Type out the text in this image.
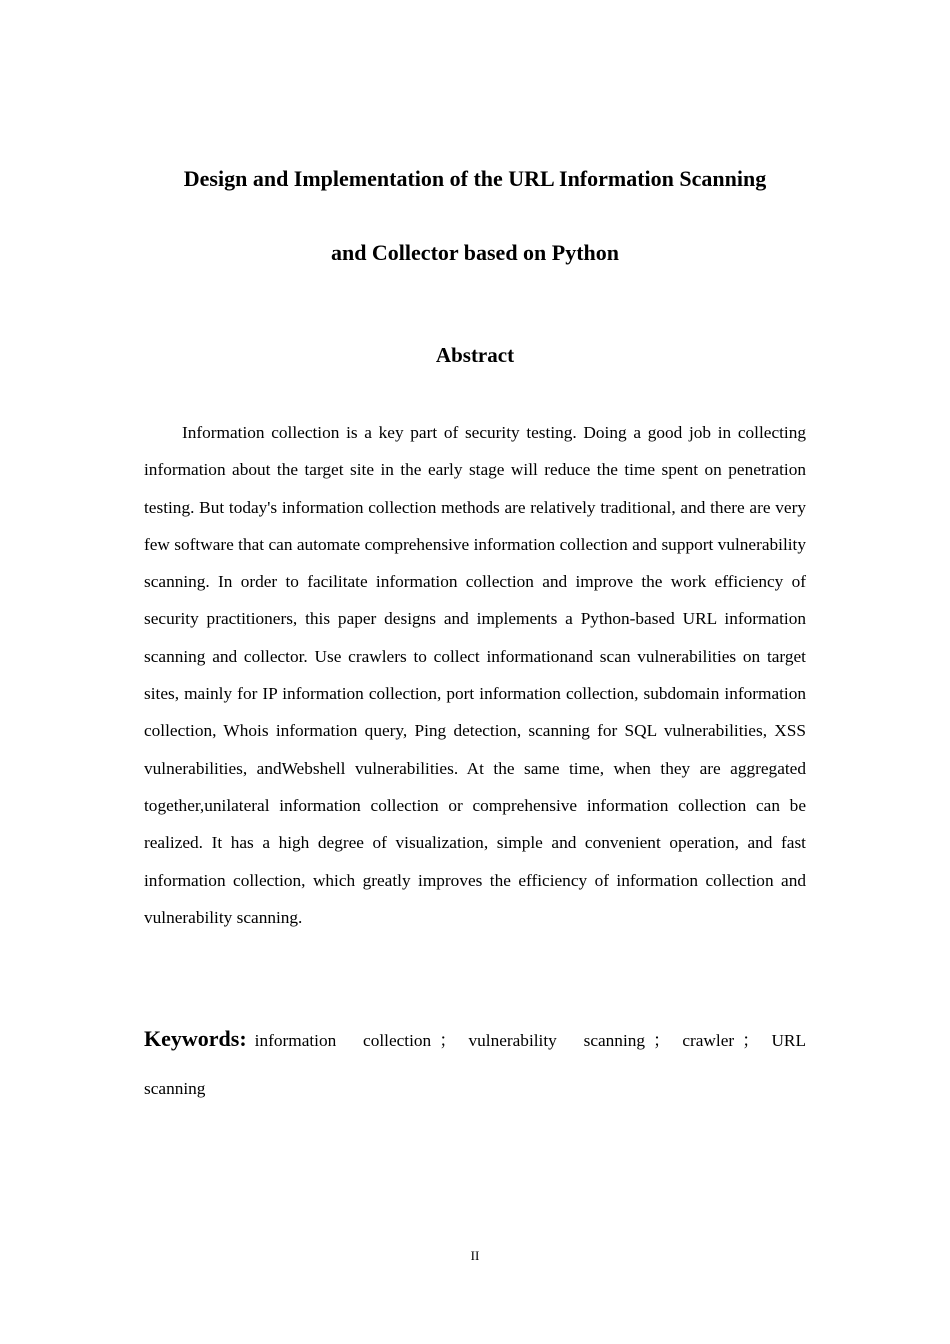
Design and Implementation of the URL Information Scanning
and Collector based on Python
Abstract

Information collection is a key part of security testing. Doing a good job in collecting information about the target site in the early stage will reduce the time spent on penetration testing. But today's information collection methods are relatively traditional, and there are very few software that can automate comprehensive information collection and support vulnerability scanning. In order to facilitate information collection and improve the work efficiency of security practitioners, this paper designs and implements a Python-based URL information scanning and collector. Use crawlers to collect informationand scan vulnerabilities on target sites, mainly for IP information collection, port information collection, subdomain information collection, Whois information query, Ping detection, scanning for SQL vulnerabilities, XSS vulnerabilities, andWebshell vulnerabilities. At the same time, when they are aggregated together,unilateral information collection or comprehensive information collection can be realized. It has a high degree of visualization, simple and convenient operation, and fast information collection, which greatly improves the efficiency of information collection and vulnerability scanning.

Keywords: information collection ； vulnerability scanning ； crawler ； URL scanning

II
